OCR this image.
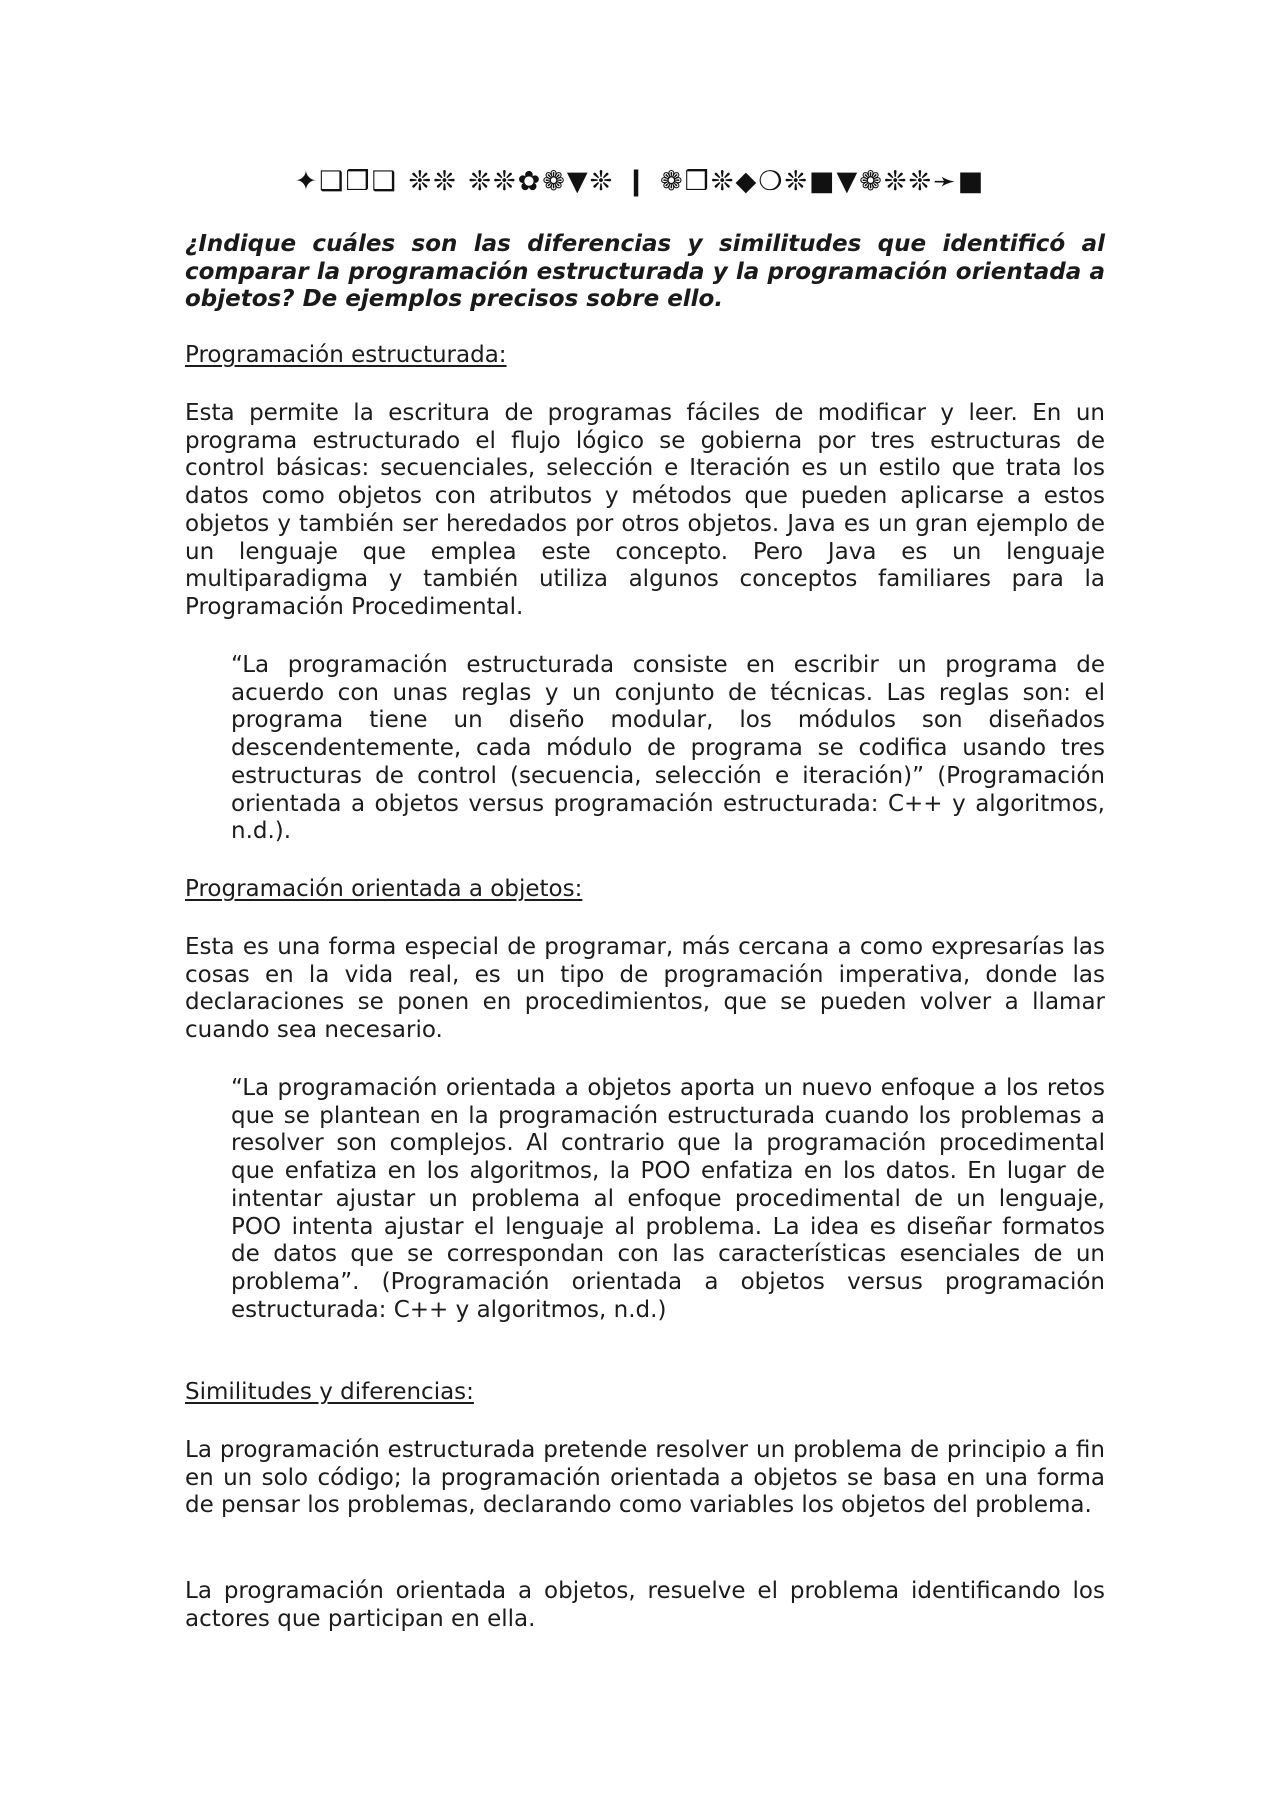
✦❑❒❑ ❊❊ ❊❊✿❁▼❊ ❙ ❁❒❊◆❍❊■▼❁❊❊➛■

¿Indique cuáles son las diferencias y similitudes que identificó al comparar la programación estructurada y la programación orientada a objetos? De ejemplos precisos sobre ello.

Programación estructurada:

Esta permite la escritura de programas fáciles de modificar y leer. En un programa estructurado el flujo lógico se gobierna por tres estructuras de control básicas: secuenciales, selección e Iteración es un estilo que trata los datos como objetos con atributos y métodos que pueden aplicarse a estos objetos y también ser heredados por otros objetos. Java es un gran ejemplo de un lenguaje que emplea este concepto. Pero Java es un lenguaje multiparadigma y también utiliza algunos conceptos familiares para la Programación Procedimental.

“La programación estructurada consiste en escribir un programa de acuerdo con unas reglas y un conjunto de técnicas. Las reglas son: el programa tiene un diseño modular, los módulos son diseñados descendentemente, cada módulo de programa se codifica usando tres estructuras de control (secuencia, selección e iteración)” (Programación orientada a objetos versus programación estructurada: C++ y algoritmos, n.d.).

Programación orientada a objetos:

Esta es una forma especial de programar, más cercana a como expresarías las cosas en la vida real, es un tipo de programación imperativa, donde las declaraciones se ponen en procedimientos, que se pueden volver a llamar cuando sea necesario.

“La programación orientada a objetos aporta un nuevo enfoque a los retos que se plantean en la programación estructurada cuando los problemas a resolver son complejos. Al contrario que la programación procedimental que enfatiza en los algoritmos, la POO enfatiza en los datos. En lugar de intentar ajustar un problema al enfoque procedimental de un lenguaje, POO intenta ajustar el lenguaje al problema. La idea es diseñar formatos de datos que se correspondan con las características esenciales de un problema”. (Programación orientada a objetos versus programación estructurada: C++ y algoritmos, n.d.)

Similitudes y diferencias:

La programación estructurada pretende resolver un problema de principio a fin en un solo código; la programación orientada a objetos se basa en una forma de pensar los problemas, declarando como variables los objetos del problema.

La programación orientada a objetos, resuelve el problema identificando los actores que participan en ella.
